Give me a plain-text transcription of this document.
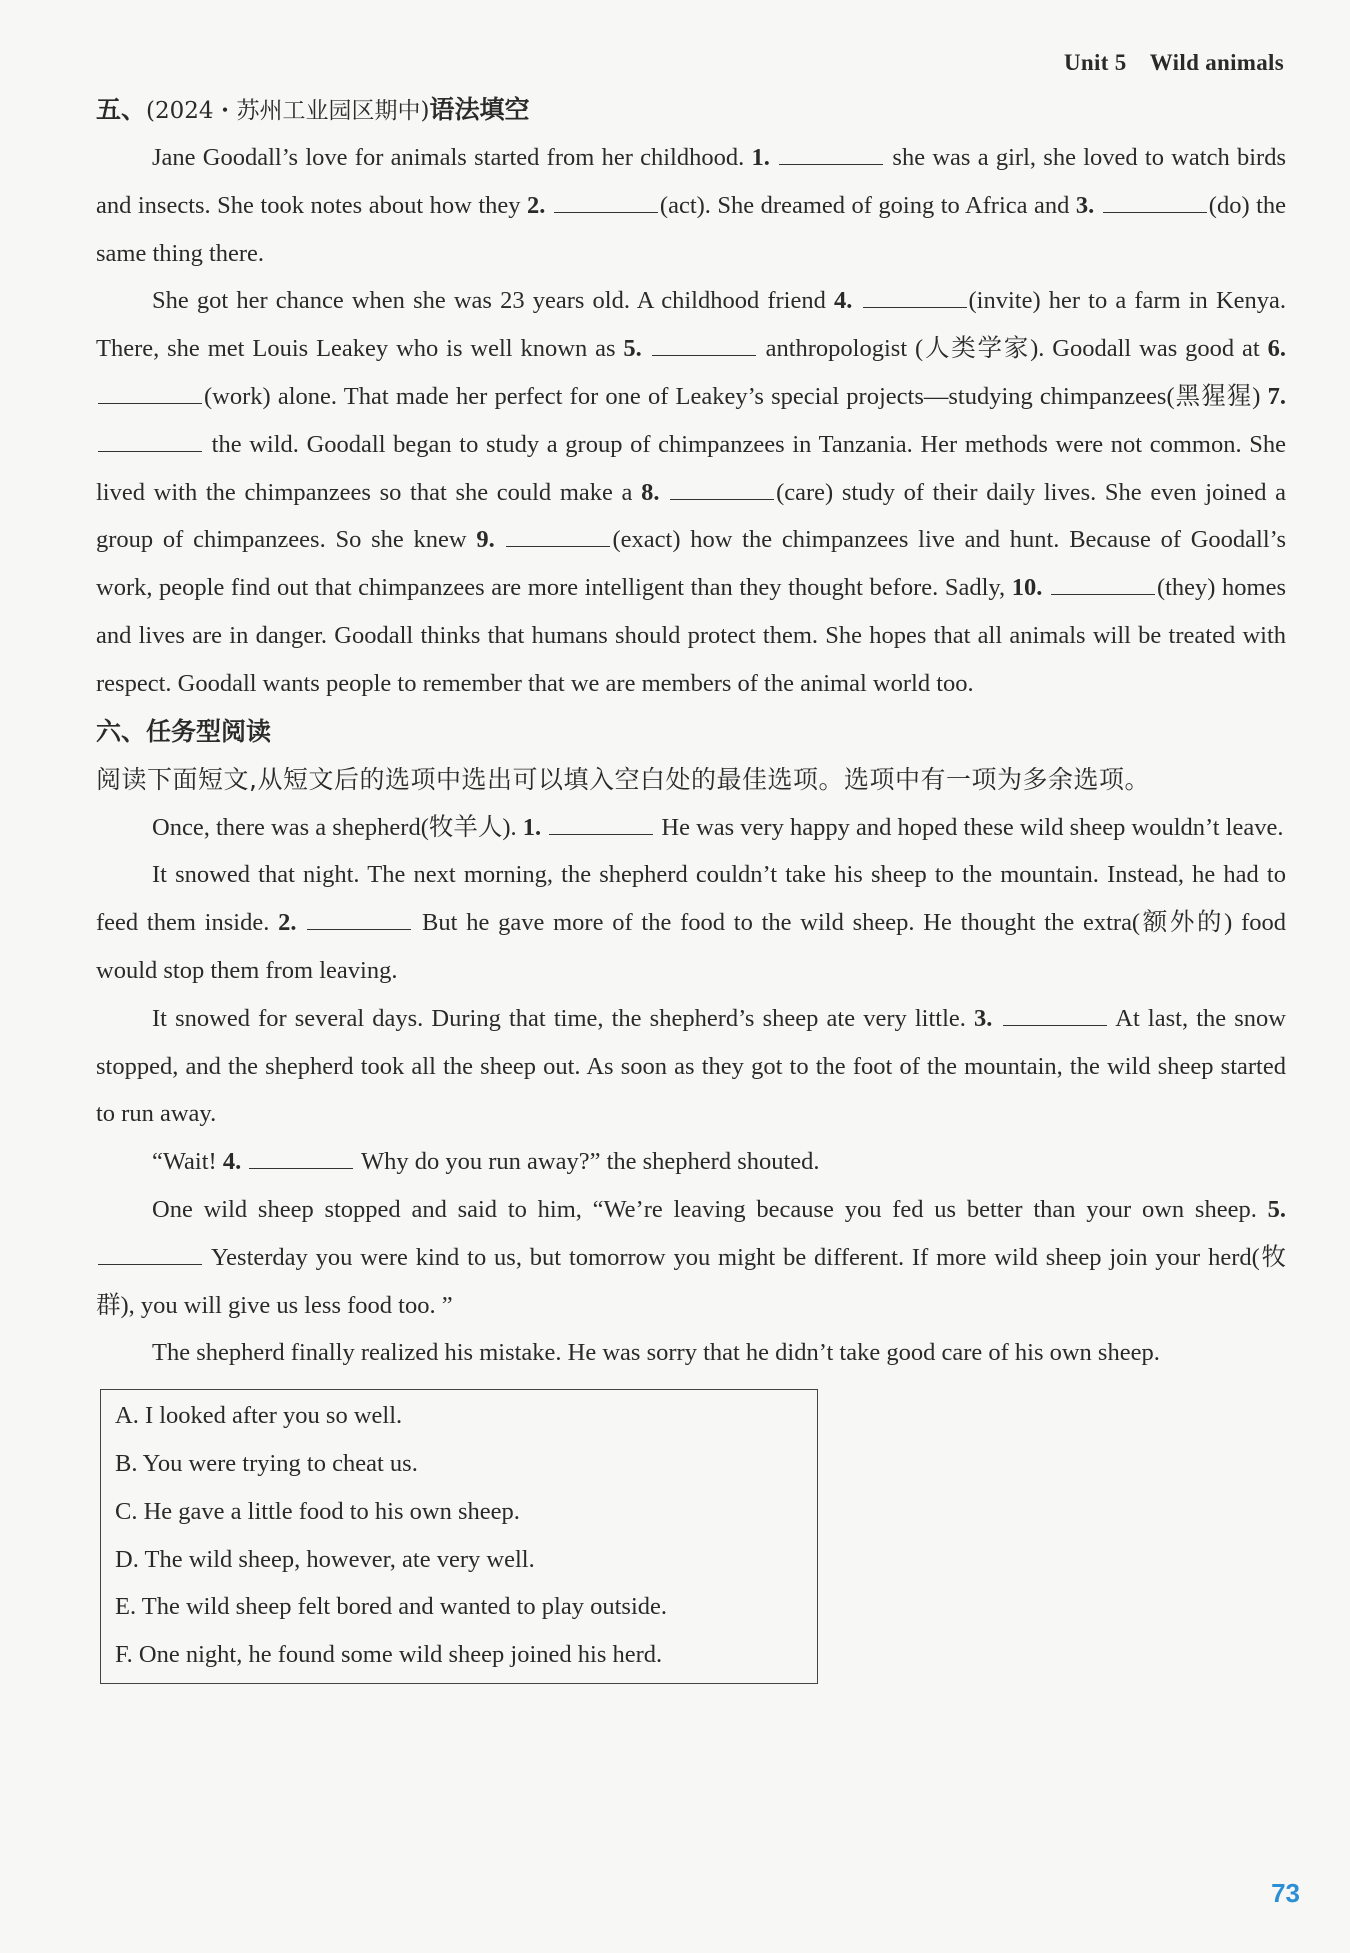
Unit 5　Wild animals
五、(2024・苏州工业园区期中)语法填空

Jane Goodall’s love for animals started from her childhood. 1.	she was a girl, she loved to watch birds and insects. She took notes about how they 2.	(act). She dreamed of going to Africa and 3.	(do) the same thing there.

She got her chance when she was 23 years old. A childhood friend 4.	(invite) her to a farm in Kenya. There, she met Louis Leakey who is well known as 5.	anthropologist (人类学家). Goodall was good at 6. (work) alone. That made her perfect for one of Leakey’s special projects—studying chimpanzees(黑猩猩) 7.  the wild. Goodall began to study a group of chimpanzees in Tanzania. Her methods were not common. She lived with the chimpanzees so that she could make a 8.	(care) study of their daily lives. She even joined a group of chimpanzees. So she knew 9.	(exact) how the chimpanzees live and hunt. Because of Goodall’s work, people find out that chimpanzees are more intelligent than they thought before. Sadly, 10.	(they) homes and lives are in danger. Goodall thinks that humans should protect them. She hopes that all animals will be treated with respect. Goodall wants people to remember that we are members of the animal world too.

六、任务型阅读
阅读下面短文,从短文后的选项中选出可以填入空白处的最佳选项。选项中有一项为多余选项。

Once, there was a shepherd(牧羊人). 1.	He was very happy and hoped these wild sheep wouldn’t leave.

It snowed that night. The next morning, the shepherd couldn’t take his sheep to the mountain. Instead, he had to feed them inside. 2.	But he gave more of the food to the wild sheep. He thought the extra(额外的) food would stop them from leaving.

It snowed for several days. During that time, the shepherd’s sheep ate very little. 3.	At last, the snow stopped, and the shepherd took all the sheep out. As soon as they got to the foot of the mountain, the wild sheep started to run away.

“Wait! 4.	Why do you run away?” the shepherd shouted.

One wild sheep stopped and said to him, “We’re leaving because you fed us better than your own sheep. 5.  Yesterday you were kind to us, but tomorrow you might be different. If more wild sheep join your herd(牧群), you will give us less food too. ”

The shepherd finally realized his mistake. He was sorry that he didn’t take good care of his own sheep.

A. I looked after you so well.
B. You were trying to cheat us.
C. He gave a little food to his own sheep.
D. The wild sheep, however, ate very well.
E. The wild sheep felt bored and wanted to play outside.
F. One night, he found some wild sheep joined his herd.
73
